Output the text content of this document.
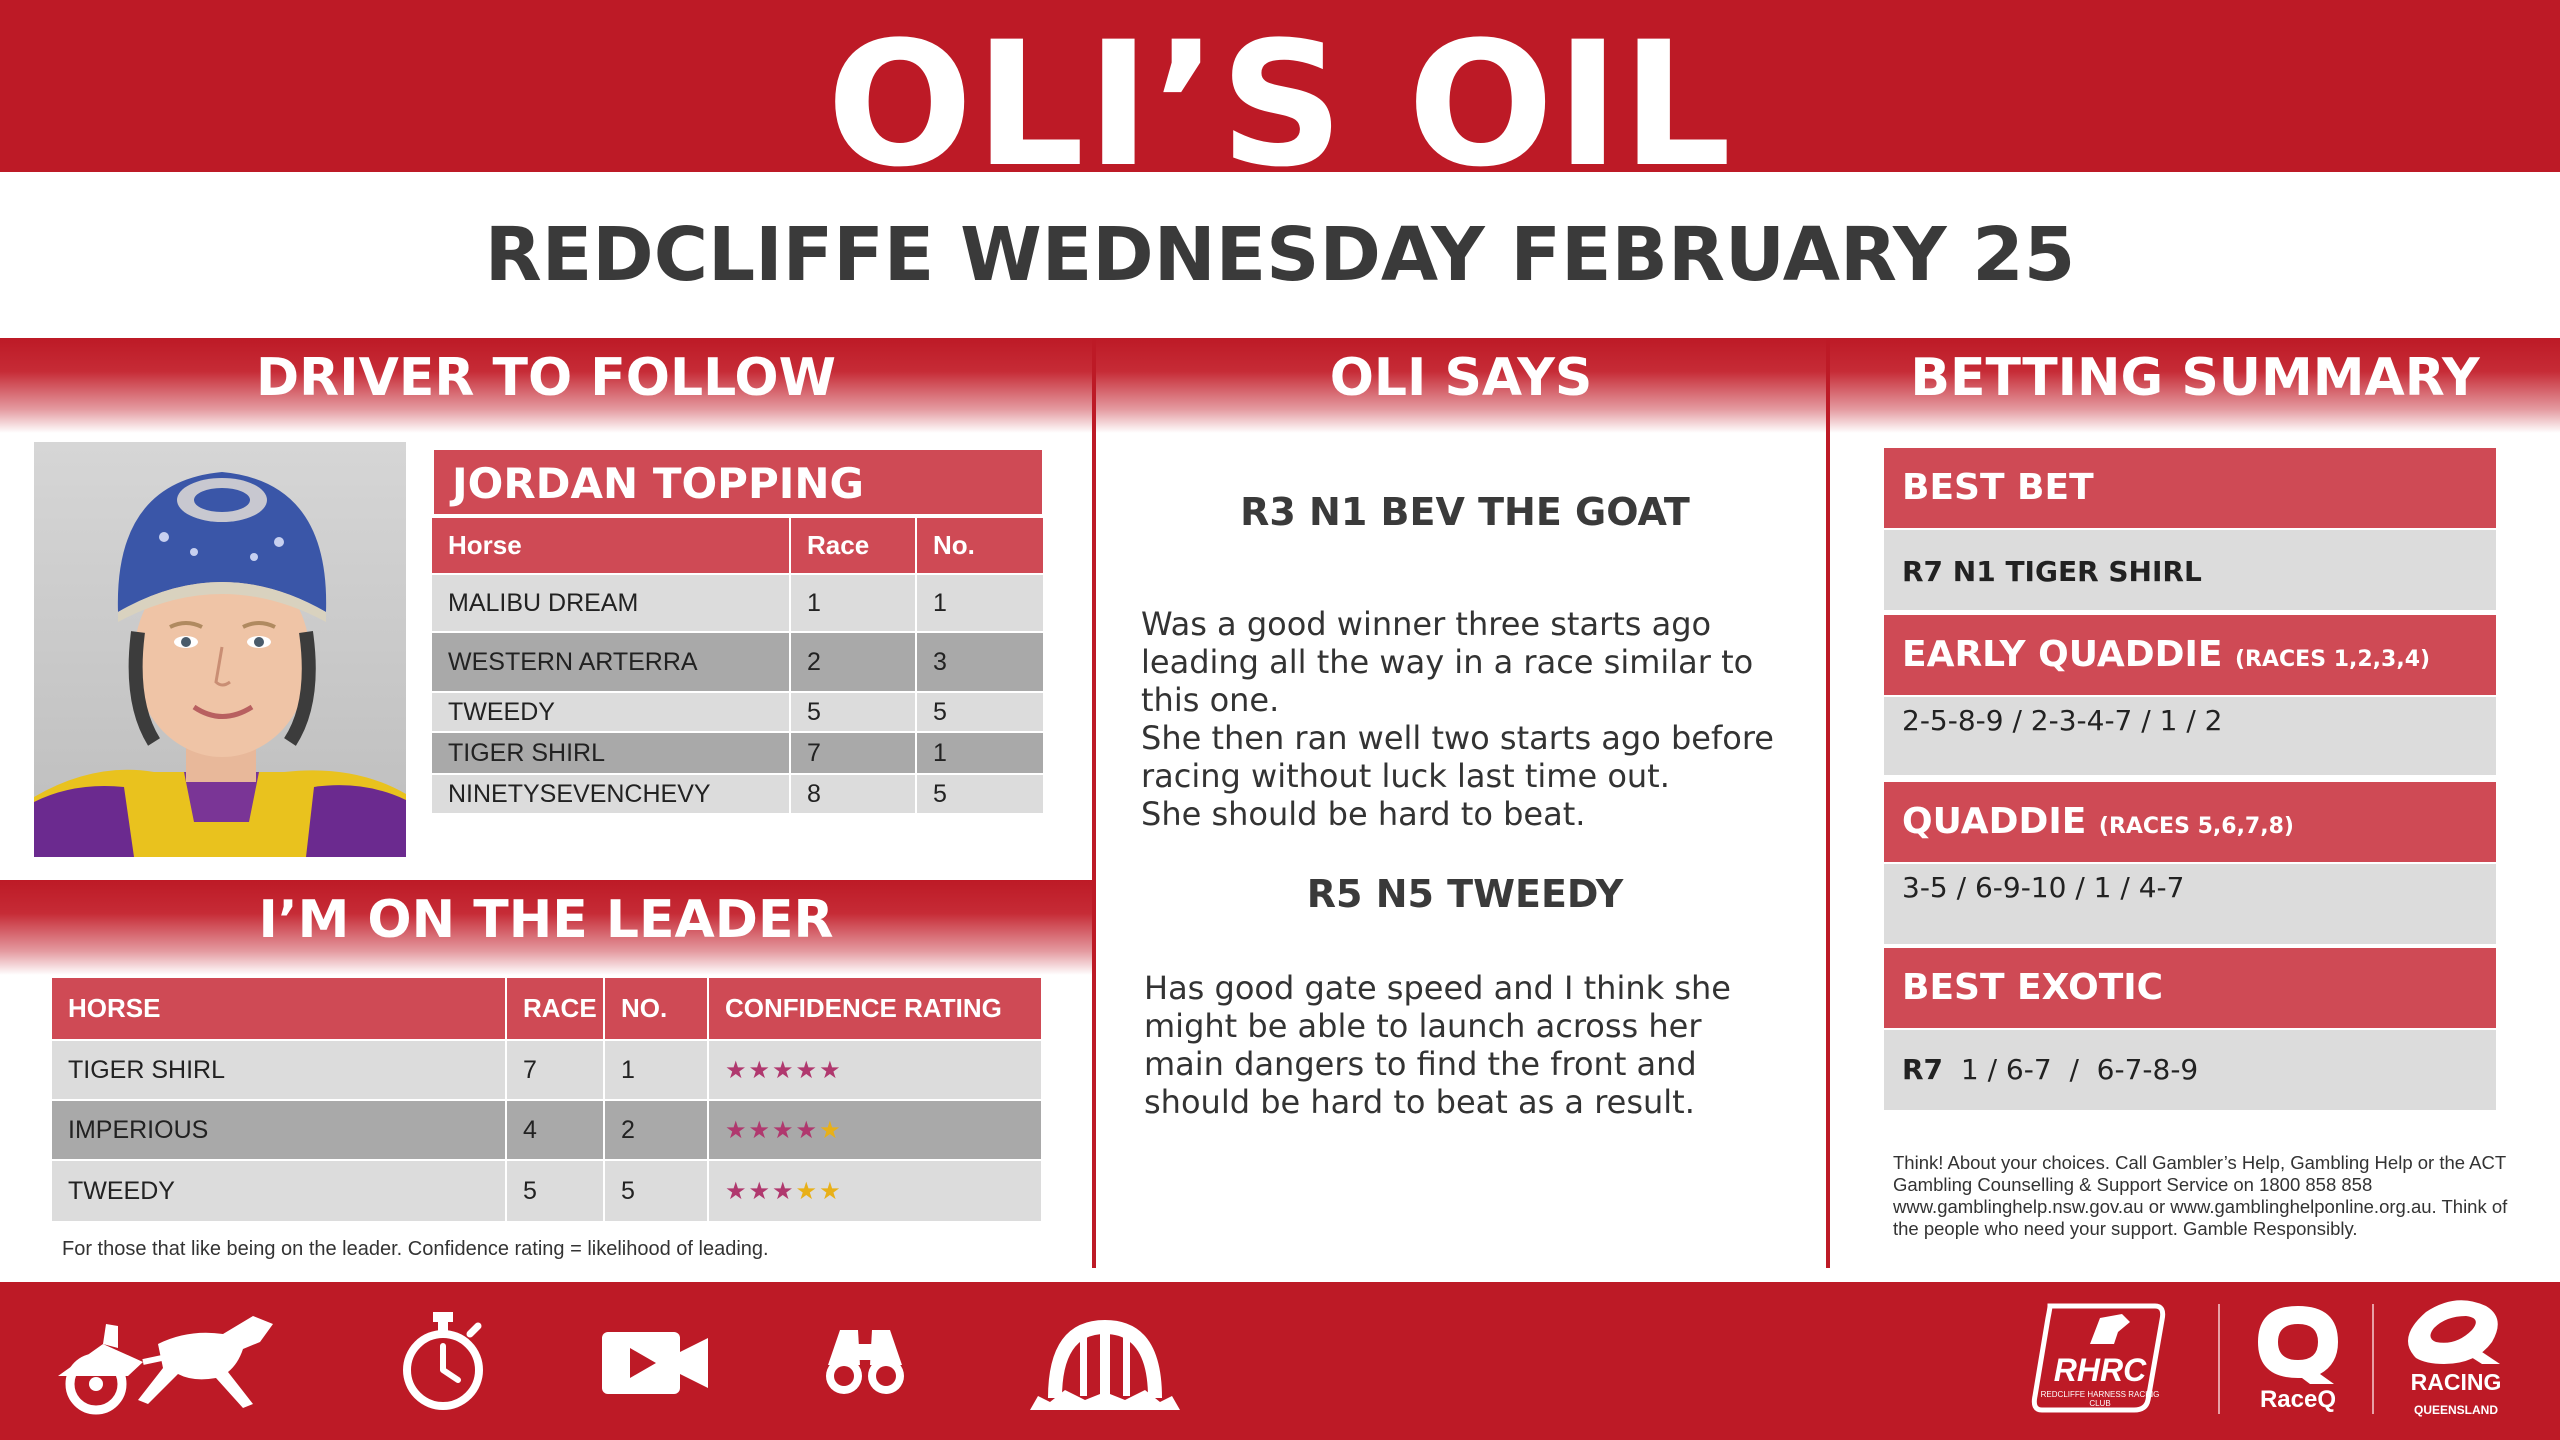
OLI’S OIL
REDCLIFFE WEDNESDAY FEBRUARY 25
DRIVER TO FOLLOW	OLI SAYS	BETTING SUMMARY
JORDAN TOPPING
Horse	Race	No.
MALIBU DREAM	1	1
WESTERN ARTERRA	2	3
TWEEDY	5	5
TIGER SHIRL	7	1
NINETYSEVENCHEVY	8	5
I’M ON THE LEADER
HORSE	RACE	NO.	CONFIDENCE RATING
TIGER SHIRL	7	1	★★★★★
IMPERIOUS	4	2	★★★★★
TWEEDY	5	5	★★★★★
For those that like being on the leader. Confidence rating = likelihood of leading.
R3 N1 BEV THE GOAT
Was a good winner three starts ago leading all the way in a race similar to this one.
She then ran well two starts ago before racing without luck last time out.
She should be hard to beat.
R5 N5 TWEEDY
Has good gate speed and I think she might be able to launch across her main dangers to find the front and should be hard to beat as a result.
BEST BET
R7 N1 TIGER SHIRL
EARLY QUADDIE (RACES 1,2,3,4)
2-5-8-9 / 2-3-4-7 / 1 / 2
QUADDIE (RACES 5,6,7,8)
3-5 / 6-9-10 / 1 / 4-7
BEST EXOTIC
R7 1 / 6-7  /  6-7-8-9
Think! About your choices. Call Gambler’s Help, Gambling Help or the ACT Gambling Counselling & Support Service on 1800 858 858 www.gamblinghelp.nsw.gov.au or www.gamblinghelponline.org.au. Think of the people who need your support. Gamble Responsibly.
RHRC
REDCLIFFE HARNESS RACING CLUB	RaceQ
RACING
QUEENSLAND
